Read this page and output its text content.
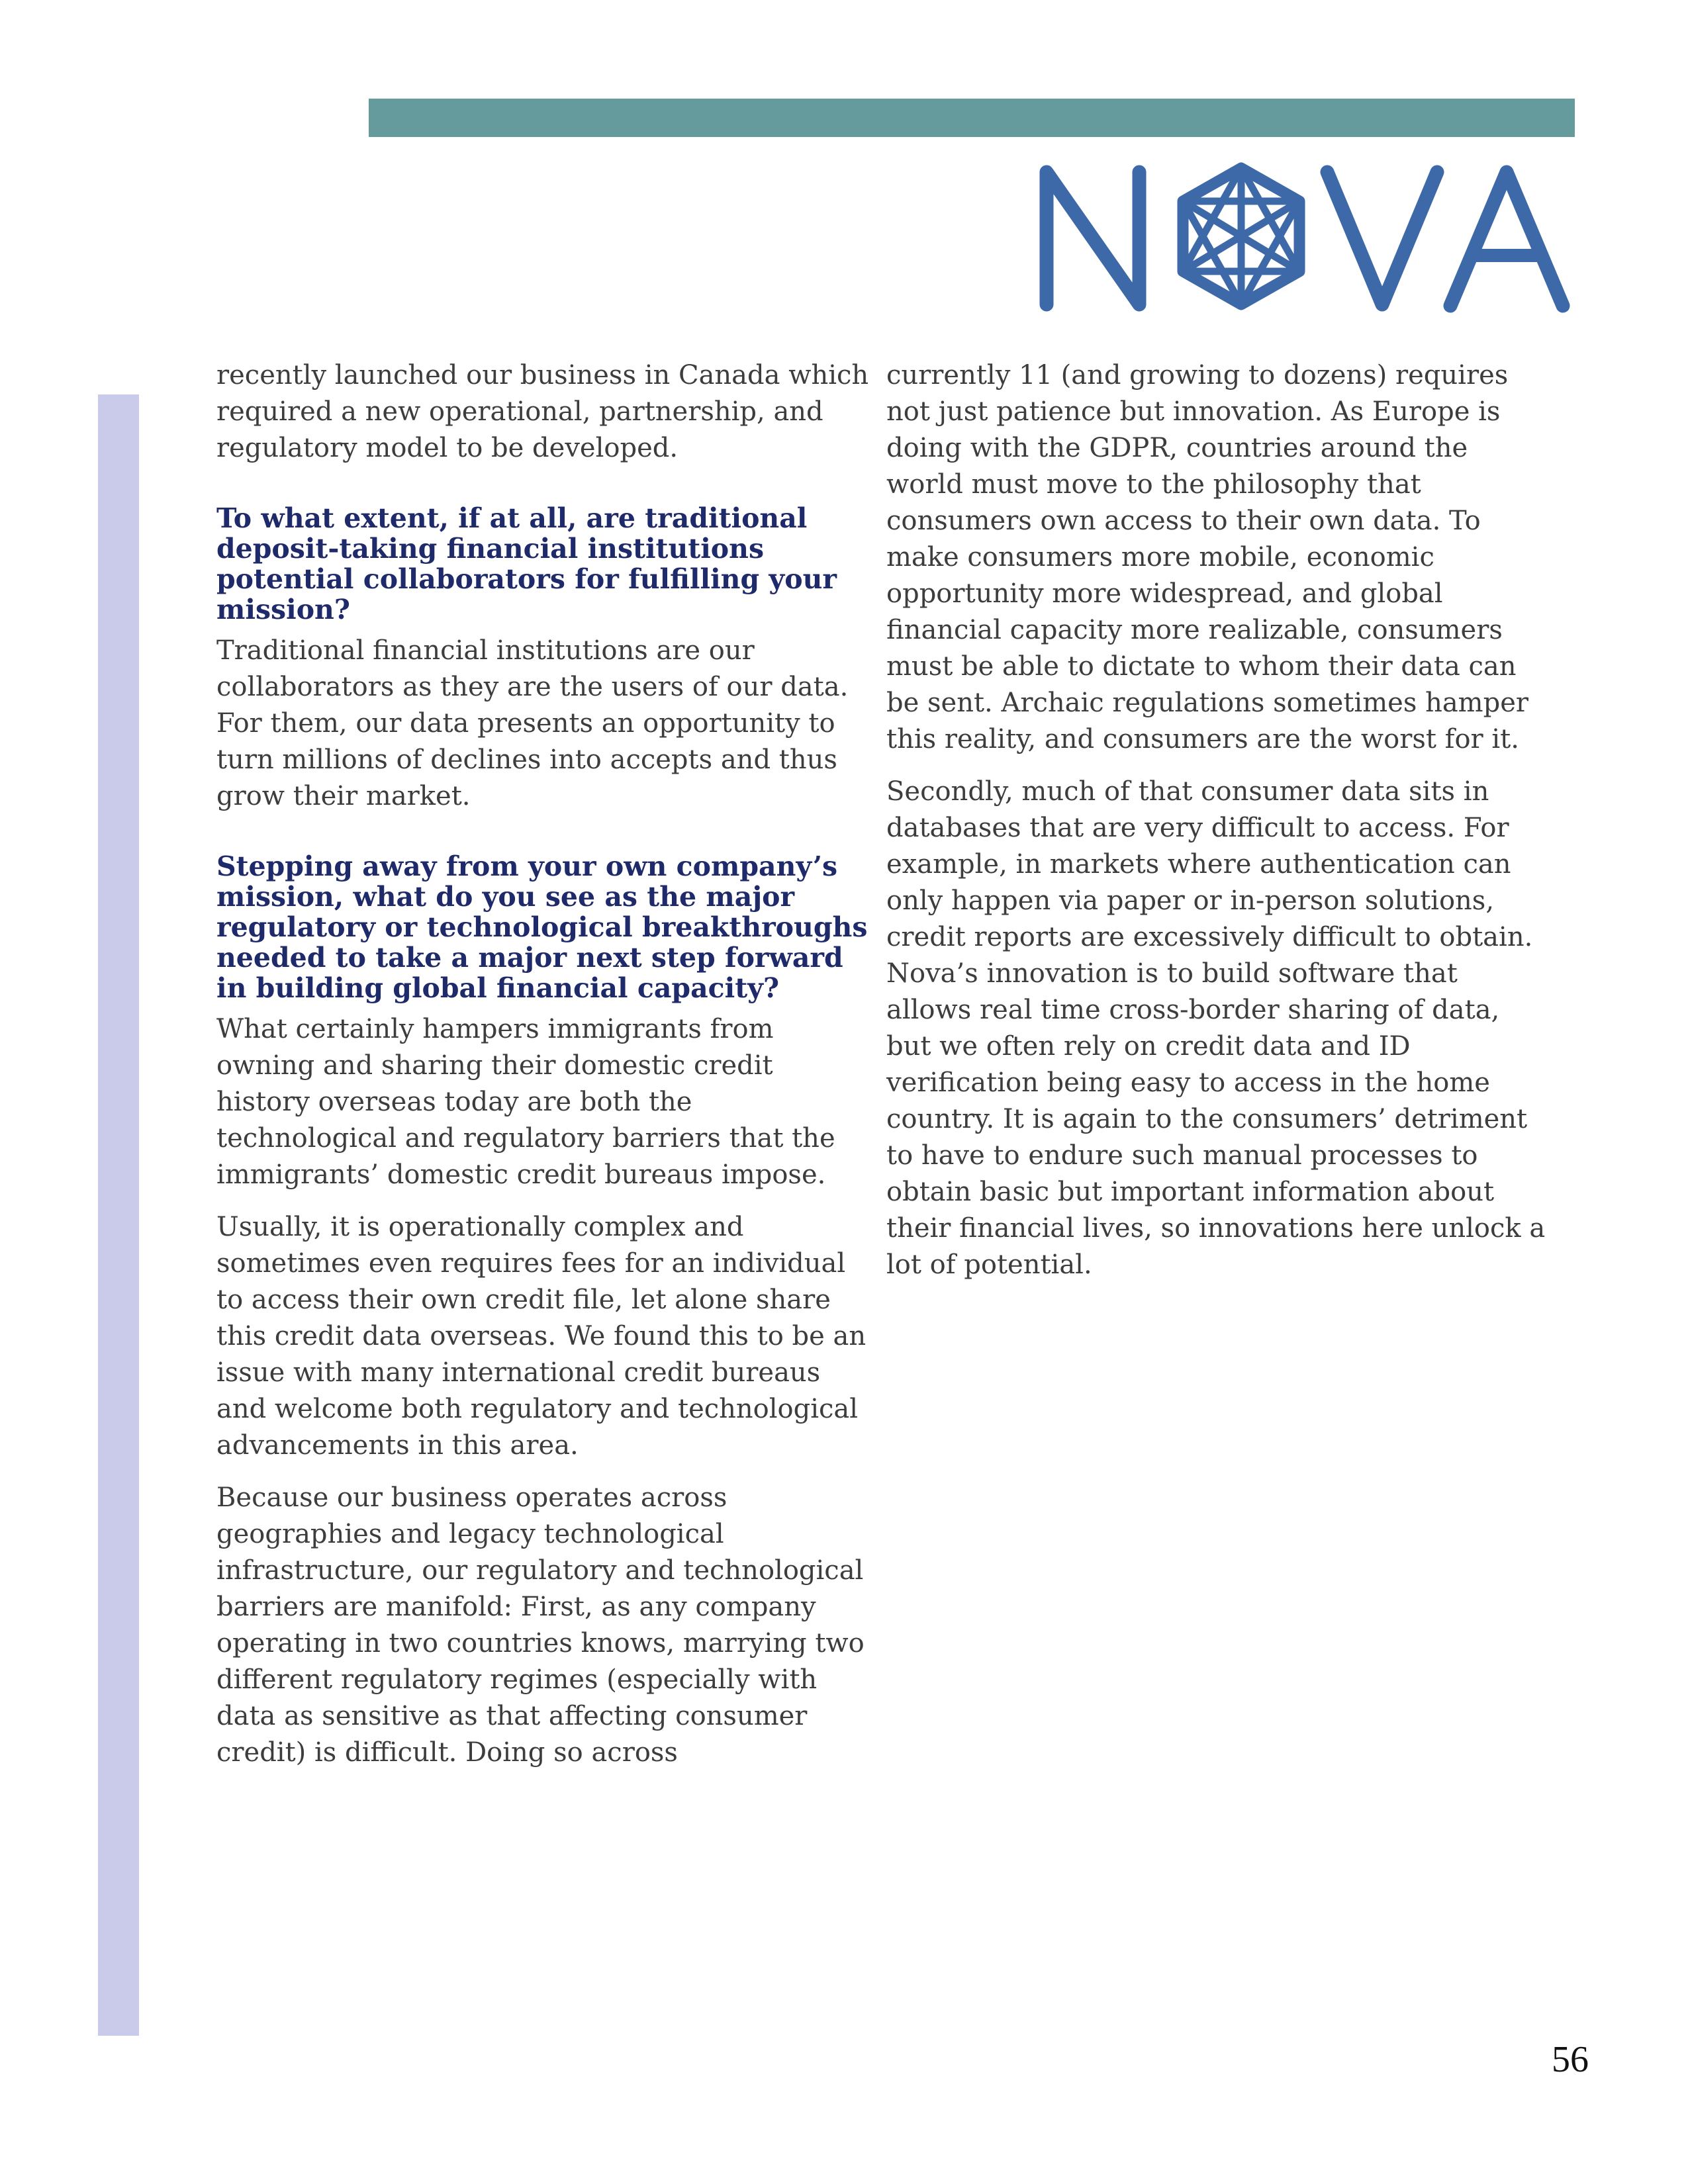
recently launched our business in Canada which required a new operational, partnership, and regulatory model to be developed.

To what extent, if at all, are traditional deposit-taking financial institutions potential collaborators for fulfilling your mission?

Traditional financial institutions are our collaborators as they are the users of our data. For them, our data presents an opportunity to turn millions of declines into accepts and thus grow their market.

Stepping away from your own company’s mission, what do you see as the major regulatory or technological breakthroughs needed to take a major next step forward in building global financial capacity?

What certainly hampers immigrants from owning and sharing their domestic credit history overseas today are both the technological and regulatory barriers that the immigrants’ domestic credit bureaus impose.

Usually, it is operationally complex and sometimes even requires fees for an individual to access their own credit file, let alone share this credit data overseas. We found this to be an issue with many international credit bureaus and welcome both regulatory and technological advancements in this area.

Because our business operates across geographies and legacy technological infrastructure, our regulatory and technological barriers are manifold: First, as any company operating in two countries knows, marrying two different regulatory regimes (especially with data as sensitive as that affecting consumer credit) is difficult. Doing so across

currently 11 (and growing to dozens) requires not just patience but innovation. As Europe is doing with the GDPR, countries around the world must move to the philosophy that consumers own access to their own data. To make consumers more mobile, economic opportunity more widespread, and global financial capacity more realizable, consumers must be able to dictate to whom their data can be sent. Archaic regulations sometimes hamper this reality, and consumers are the worst for it.

Secondly, much of that consumer data sits in databases that are very difficult to access. For example, in markets where authentication can only happen via paper or in-person solutions, credit reports are excessively difficult to obtain. Nova’s innovation is to build software that allows real time cross-border sharing of data, but we often rely on credit data and ID verification being easy to access in the home country. It is again to the consumers’ detriment to have to endure such manual processes to obtain basic but important information about their financial lives, so innovations here unlock a lot of potential.

56
